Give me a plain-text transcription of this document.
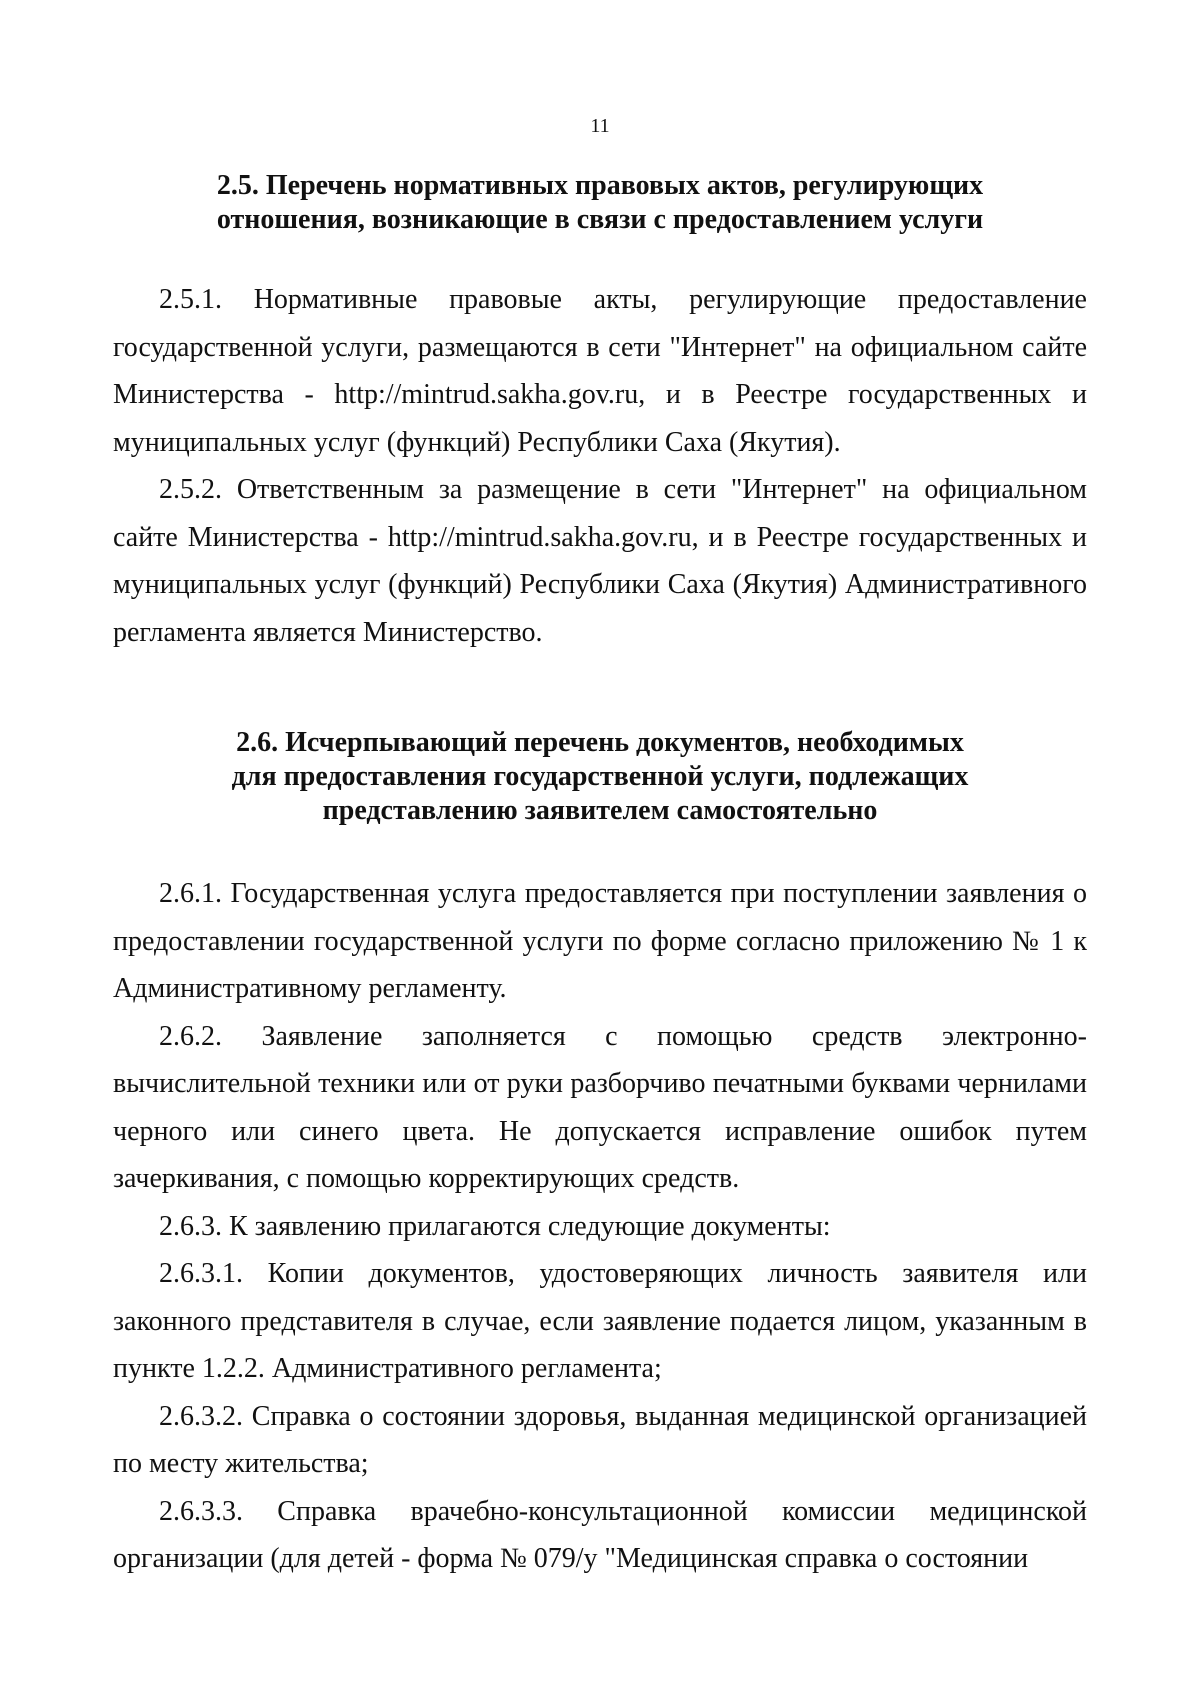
11
2.5. Перечень нормативных правовых актов, регулирующих
отношения, возникающие в связи с предоставлением услуги

2.5.1. Нормативные правовые акты, регулирующие предоставление государственной услуги, размещаются в сети "Интернет" на официальном сайте Министерства - http://mintrud.sakha.gov.ru, и в Реестре государственных и муниципальных услуг (функций) Республики Саха (Якутия).

2.5.2. Ответственным за размещение в сети "Интернет" на официальном сайте Министерства - http://mintrud.sakha.gov.ru, и в Реестре государственных и муниципальных услуг (функций) Республики Саха (Якутия) Административного регламента является Министерство.

2.6. Исчерпывающий перечень документов, необходимых
для предоставления государственной услуги, подлежащих
представлению заявителем самостоятельно

2.6.1. Государственная услуга предоставляется при поступлении заявления о предоставлении государственной услуги по форме согласно приложению № 1 к Административному регламенту.

2.6.2. Заявление заполняется с помощью средств электронно-вычислительной техники или от руки разборчиво печатными буквами чернилами черного или синего цвета. Не допускается исправление ошибок путем зачеркивания, с помощью корректирующих средств.

2.6.3. К заявлению прилагаются следующие документы:

2.6.3.1. Копии документов, удостоверяющих личность заявителя или законного представителя в случае, если заявление подается лицом, указанным в пункте 1.2.2. Административного регламента;

2.6.3.2. Справка о состоянии здоровья, выданная медицинской организацией по месту жительства;

2.6.3.3. Справка врачебно-консультационной комиссии медицинской организации (для детей - форма № 079/у "Медицинская справка о состоянии
